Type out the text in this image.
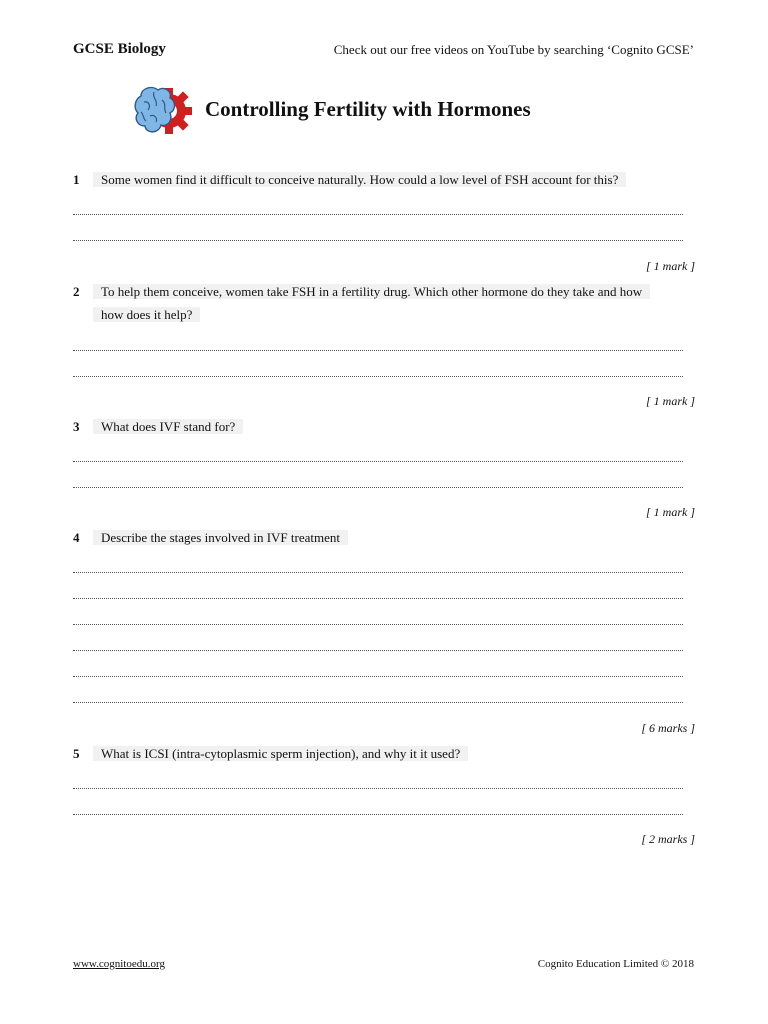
GCSE Biology	Check out our free videos on YouTube by searching ‘Cognito GCSE’
Controlling Fertility with Hormones
1	Some women find it difficult to conceive naturally. How could a low level of FSH account for this?
[ 1 mark ]
2	To help them conceive, women take FSH in a fertility drug. Which other hormone do they take and how
how does it help?
[ 1 mark ]
3	What does IVF stand for?
[ 1 mark ]
4	Describe the stages involved in IVF treatment
[ 6 marks ]
5	What is ICSI (intra-cytoplasmic sperm injection), and why it it used?
[ 2 marks ]
www.cognitoedu.org	Cognito Education Limited © 2018
